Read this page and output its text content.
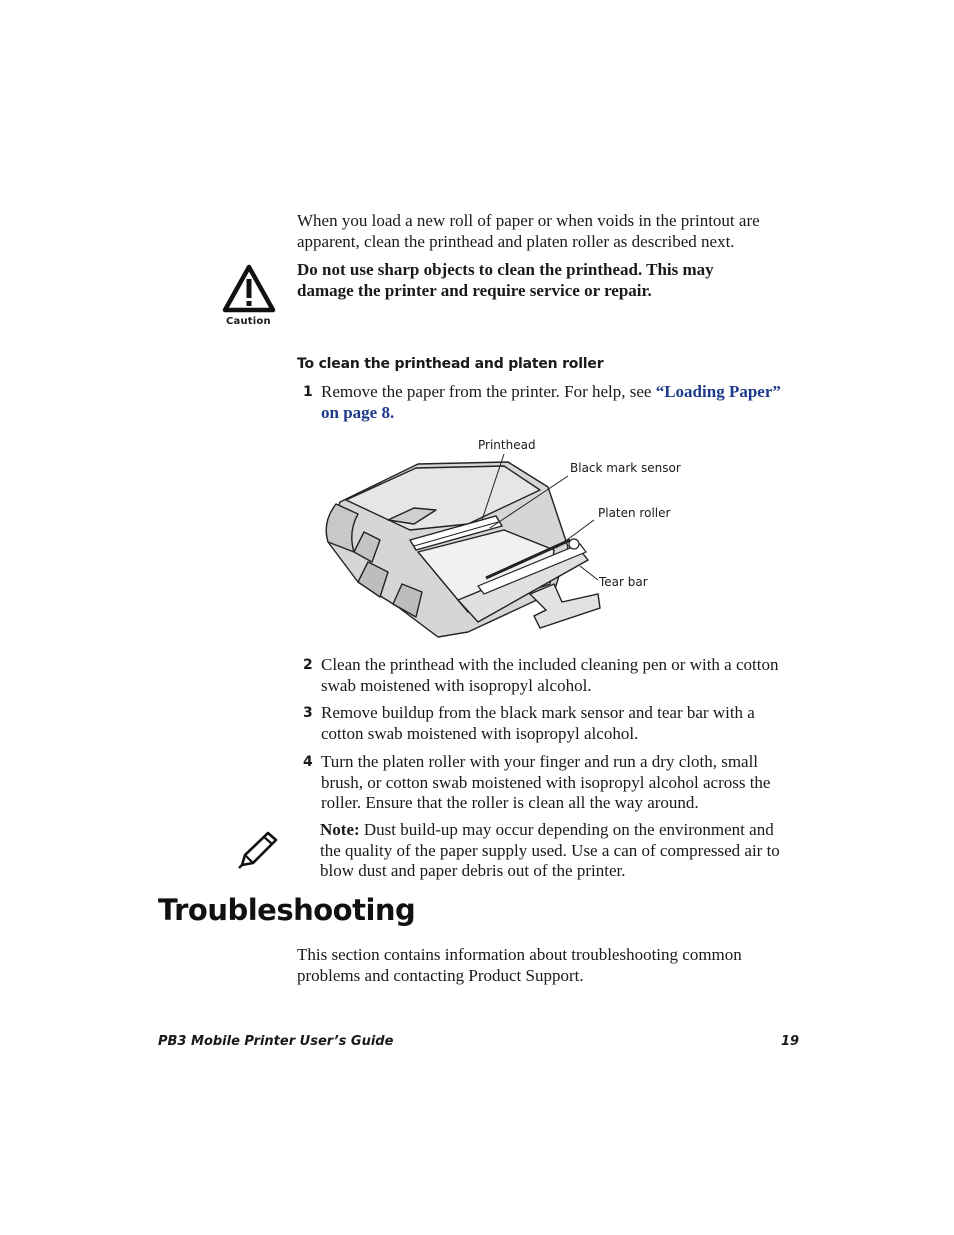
When you load a new roll of paper or when voids in the printout are apparent, clean the printhead and platen roller as described next.
Caution
Do not use sharp objects to clean the printhead. This may damage the printer and require service or repair.
To clean the printhead and platen roller
1 Remove the paper from the printer. For help, see “Loading Paper” on page 8.
Printhead
Black mark sensor
Platen roller
Tear bar
2 Clean the printhead with the included cleaning pen or with a cotton swab moistened with isopropyl alcohol.
3 Remove buildup from the black mark sensor and tear bar with a cotton swab moistened with isopropyl alcohol.
4 Turn the platen roller with your finger and run a dry cloth, small brush, or cotton swab moistened with isopropyl alcohol across the roller. Ensure that the roller is clean all the way around.
Note: Dust build-up may occur depending on the environment and the quality of the paper supply used. Use a can of compressed air to blow dust and paper debris out of the printer.
Troubleshooting
This section contains information about troubleshooting common problems and contacting Product Support.
PB3 Mobile Printer User’s Guide	19
